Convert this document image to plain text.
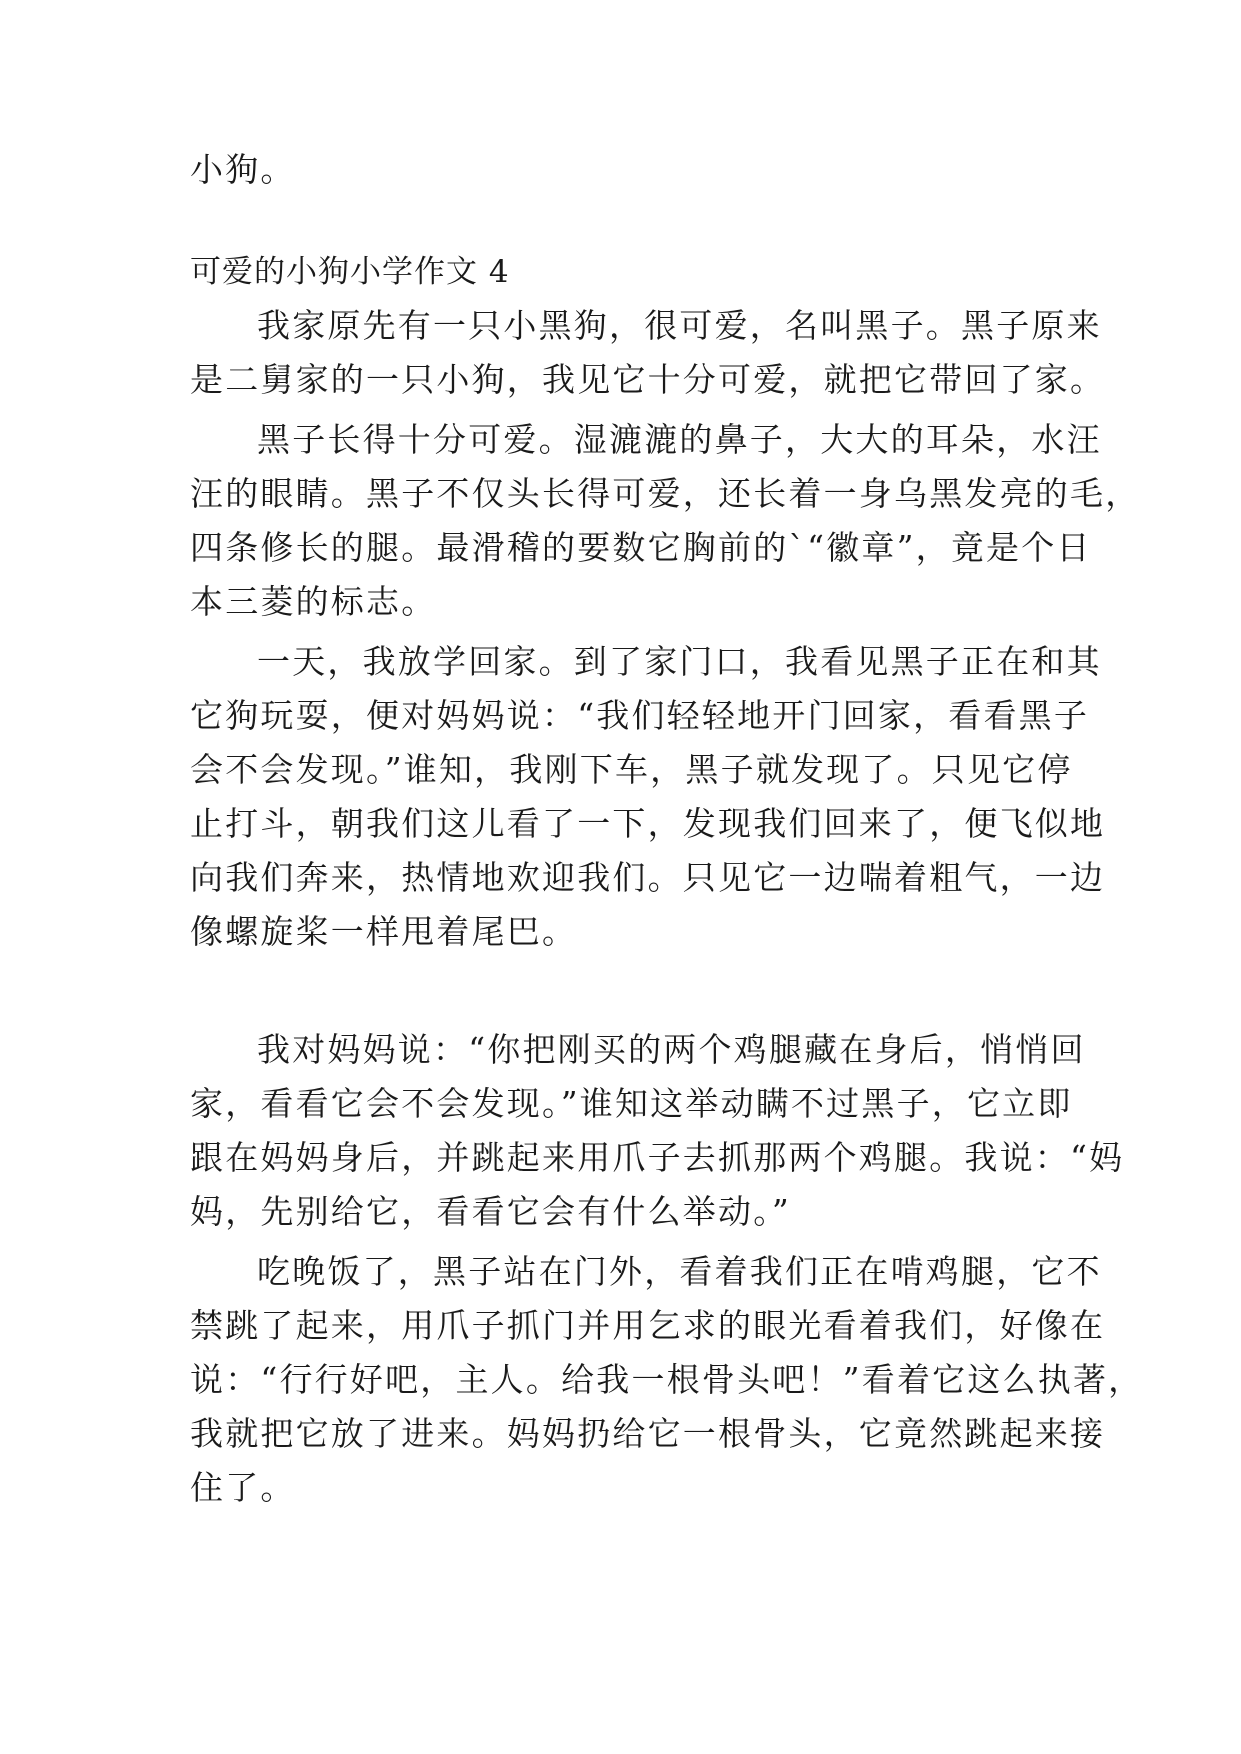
小狗。

可爱的小狗小学作文 4

我家原先有一只小黑狗，很可爱，名叫黑子。黑子原来

是二舅家的一只小狗，我见它十分可爱，就把它带回了家。

黑子长得十分可爱。湿漉漉的鼻子，大大的耳朵，水汪

汪的眼睛。黑子不仅头长得可爱，还长着一身乌黑发亮的毛，

四条修长的腿。最滑稽的要数它胸前的`“徽章”，竟是个日

本三菱的标志。

一天，我放学回家。到了家门口，我看见黑子正在和其

它狗玩耍，便对妈妈说：“我们轻轻地开门回家，看看黑子

会不会发现。”谁知，我刚下车，黑子就发现了。只见它停

止打斗，朝我们这儿看了一下，发现我们回来了，便飞似地

向我们奔来，热情地欢迎我们。只见它一边喘着粗气，一边

像螺旋桨一样甩着尾巴。

我对妈妈说：“你把刚买的两个鸡腿藏在身后，悄悄回

家，看看它会不会发现。”谁知这举动瞒不过黑子，它立即

跟在妈妈身后，并跳起来用爪子去抓那两个鸡腿。我说：“妈

妈，先别给它，看看它会有什么举动。”

吃晚饭了，黑子站在门外，看着我们正在啃鸡腿，它不

禁跳了起来，用爪子抓门并用乞求的眼光看着我们，好像在

说：“行行好吧，主人。给我一根骨头吧！”看着它这么执著，

我就把它放了进来。妈妈扔给它一根骨头，它竟然跳起来接

住了。
